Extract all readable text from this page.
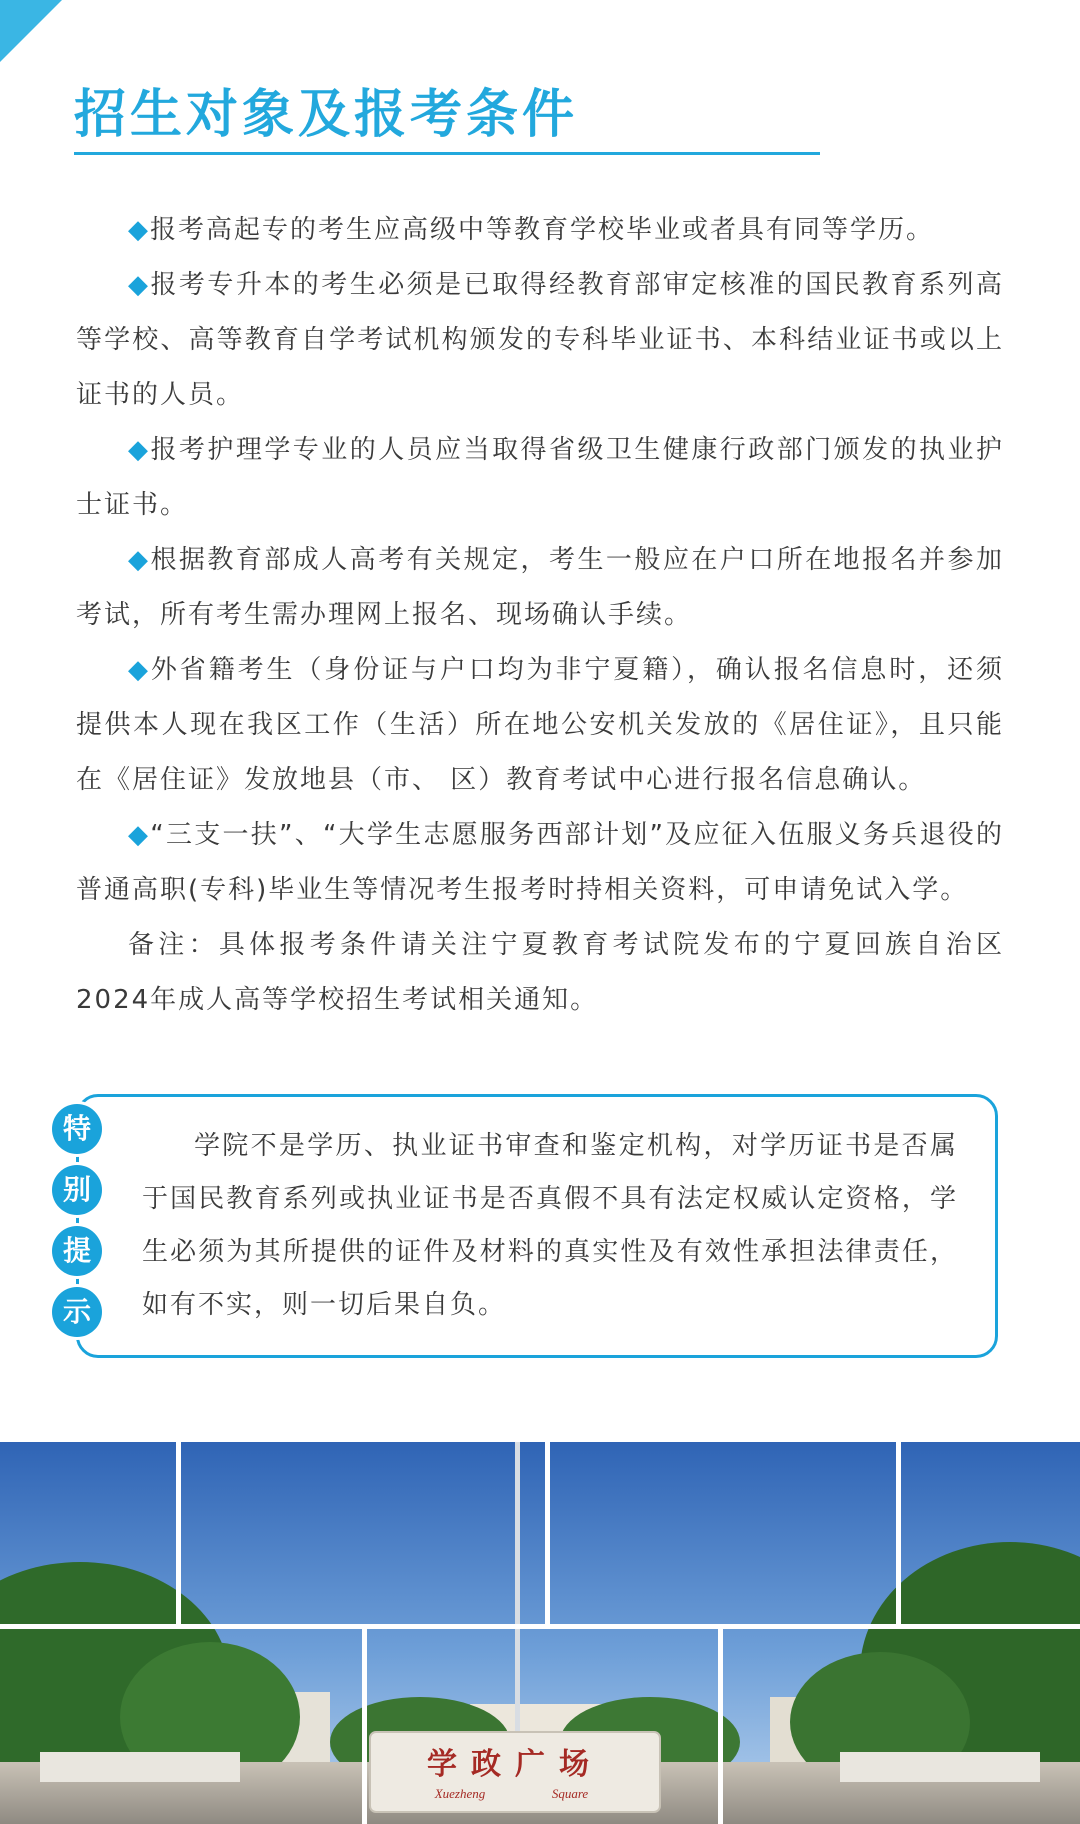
招生对象及报考条件

◆报考高起专的考生应高级中等教育学校毕业或者具有同等学历。

◆报考专升本的考生必须是已取得经教育部审定核准的国民教育系列高等学校、高等教育自学考试机构颁发的专科毕业证书、本科结业证书或以上证书的人员。

◆报考护理学专业的人员应当取得省级卫生健康行政部门颁发的执业护士证书。

◆根据教育部成人高考有关规定，考生一般应在户口所在地报名并参加考试，所有考生需办理网上报名、现场确认手续。

◆外省籍考生（身份证与户口均为非宁夏籍），确认报名信息时，还须提供本人现在我区工作（生活）所在地公安机关发放的《居住证》，且只能在《居住证》发放地县（市、 区）教育考试中心进行报名信息确认。

◆“三支一扶”、“大学生志愿服务西部计划”及应征入伍服义务兵退役的普通高职(专科)毕业生等情况考生报考时持相关资料，可申请免试入学。

备注：具体报考条件请关注宁夏教育考试院发布的宁夏回族自治区2024年成人高等学校招生考试相关通知。

特
别
提
示

学院不是学历、执业证书审查和鉴定机构，对学历证书是否属于国民教育系列或执业证书是否真假不具有法定权威认定资格，学生必须为其所提供的证件及材料的真实性及有效性承担法律责任，如有不实，则一切后果自负。

学政广场
Xuezheng	Square
